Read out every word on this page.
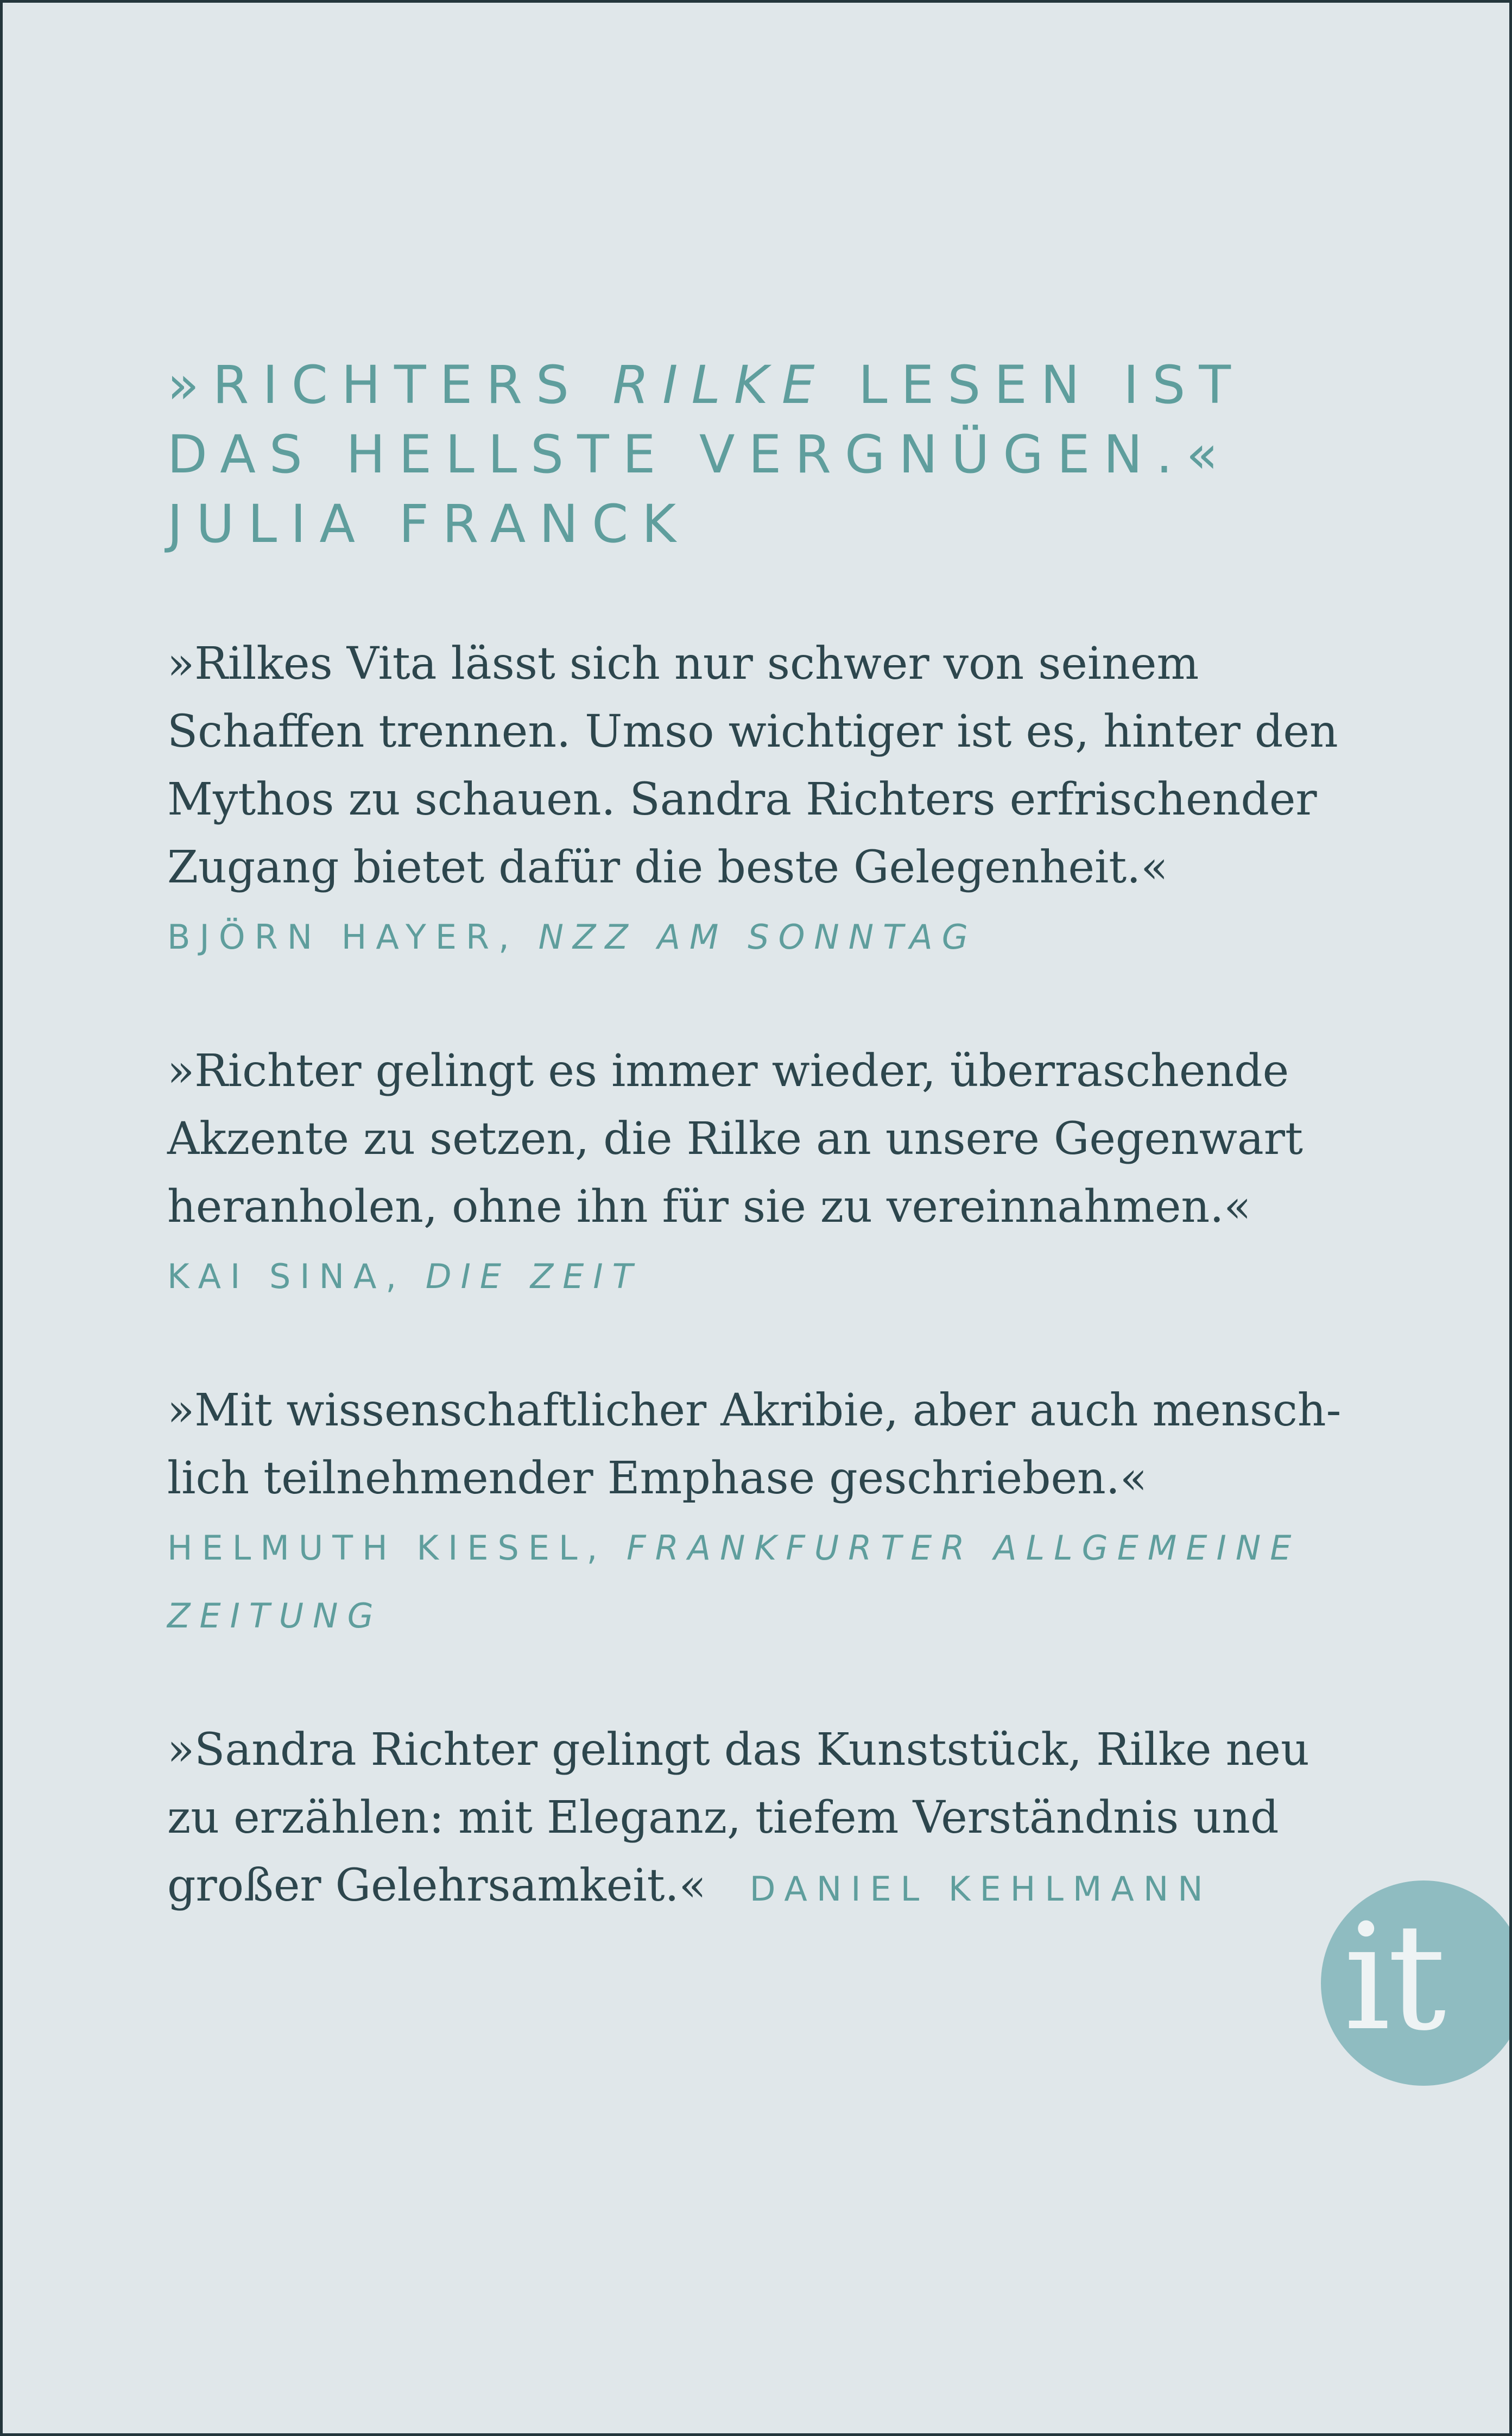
»RICHTERS RILKE LESEN IST
DAS HELLSTE VERGNÜGEN.«
JULIA FRANCK

»Rilkes Vita lässt sich nur schwer von seinem
Schaffen trennen. Umso wichtiger ist es, hinter den
Mythos zu schauen. Sandra Richters erfrischender
Zugang bietet dafür die beste Gelegenheit.«

BJÖRN HAYER, NZZ AM SONNTAG

»Richter gelingt es immer wieder, überraschende
Akzente zu setzen, die Rilke an unsere Gegenwart
heranholen, ohne ihn für sie zu vereinnahmen.«

KAI SINA, DIE ZEIT

»Mit wissenschaftlicher Akribie, aber auch mensch-
lich teilnehmender Emphase geschrieben.«

HELMUTH KIESEL, FRANKFURTER ALLGEMEINE
ZEITUNG

»Sandra Richter gelingt das Kunststück, Rilke neu
zu erzählen: mit Eleganz, tiefem Verständnis und
großer Gelehrsamkeit.« DANIEL KEHLMANN

it
